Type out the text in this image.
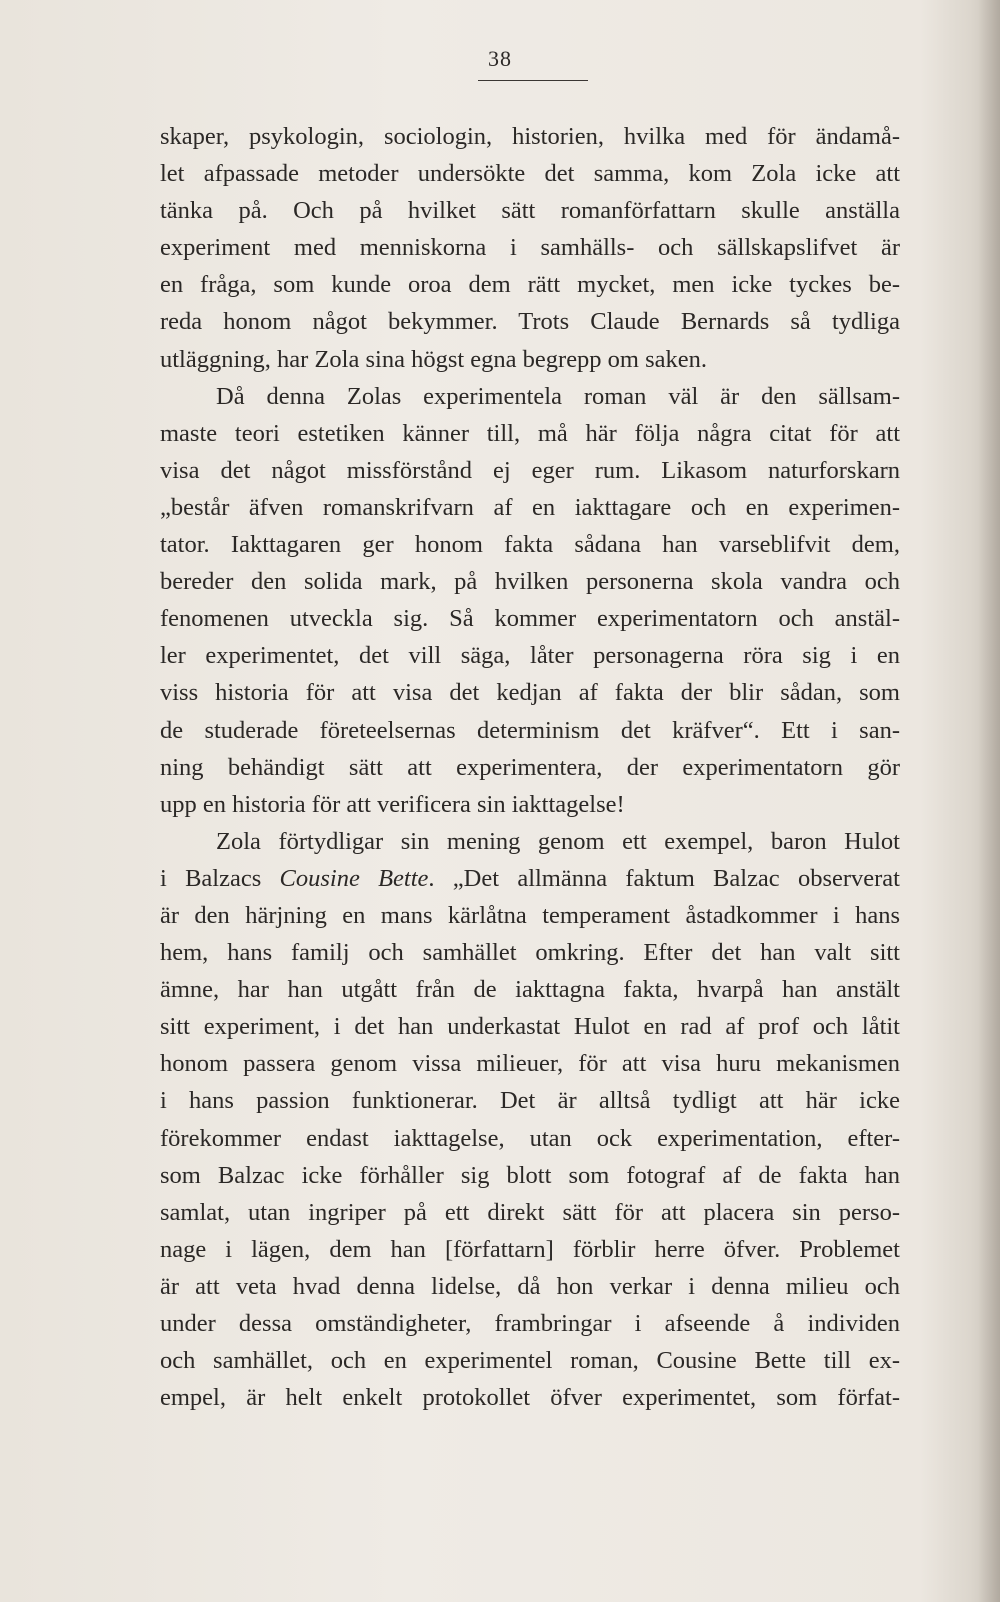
38
skaper, psykologin, sociologin, historien, hvilka med för ändamå-
let afpassade metoder undersökte det samma, kom Zola icke att
tänka på. Och på hvilket sätt romanförfattarn skulle anställa
experiment med menniskorna i samhälls- och sällskapslifvet är
en fråga, som kunde oroa dem rätt mycket, men icke tyckes be-
reda honom något bekymmer. Trots Claude Bernards så tydliga
utläggning, har Zola sina högst egna begrepp om saken.
Då denna Zolas experimentela roman väl är den sällsam-
maste teori estetiken känner till, må här följa några citat för att
visa det något missförstånd ej eger rum. Likasom naturforskarn
„består äfven romanskrifvarn af en iakttagare och en experimen-
tator. Iakttagaren ger honom fakta sådana han varseblifvit dem,
bereder den solida mark, på hvilken personerna skola vandra och
fenomenen utveckla sig. Så kommer experimentatorn och anstäl-
ler experimentet, det vill säga, låter personagerna röra sig i en
viss historia för att visa det kedjan af fakta der blir sådan, som
de studerade företeelsernas determinism det kräfver“. Ett i san-
ning behändigt sätt att experimentera, der experimentatorn gör
upp en historia för att verificera sin iakttagelse!
Zola förtydligar sin mening genom ett exempel, baron Hulot
i Balzacs Cousine Bette. „Det allmänna faktum Balzac observerat
är den härjning en mans kärlåtna temperament åstadkommer i hans
hem, hans familj och samhället omkring. Efter det han valt sitt
ämne, har han utgått från de iakttagna fakta, hvarpå han anstält
sitt experiment, i det han underkastat Hulot en rad af prof och låtit
honom passera genom vissa milieuer, för att visa huru mekanismen
i hans passion funktionerar. Det är alltså tydligt att här icke
förekommer endast iakttagelse, utan ock experimentation, efter-
som Balzac icke förhåller sig blott som fotograf af de fakta han
samlat, utan ingriper på ett direkt sätt för att placera sin perso-
nage i lägen, dem han [författarn] förblir herre öfver. Problemet
är att veta hvad denna lidelse, då hon verkar i denna milieu och
under dessa omständigheter, frambringar i afseende å individen
och samhället, och en experimentel roman, Cousine Bette till ex-
empel, är helt enkelt protokollet öfver experimentet, som förfat-
